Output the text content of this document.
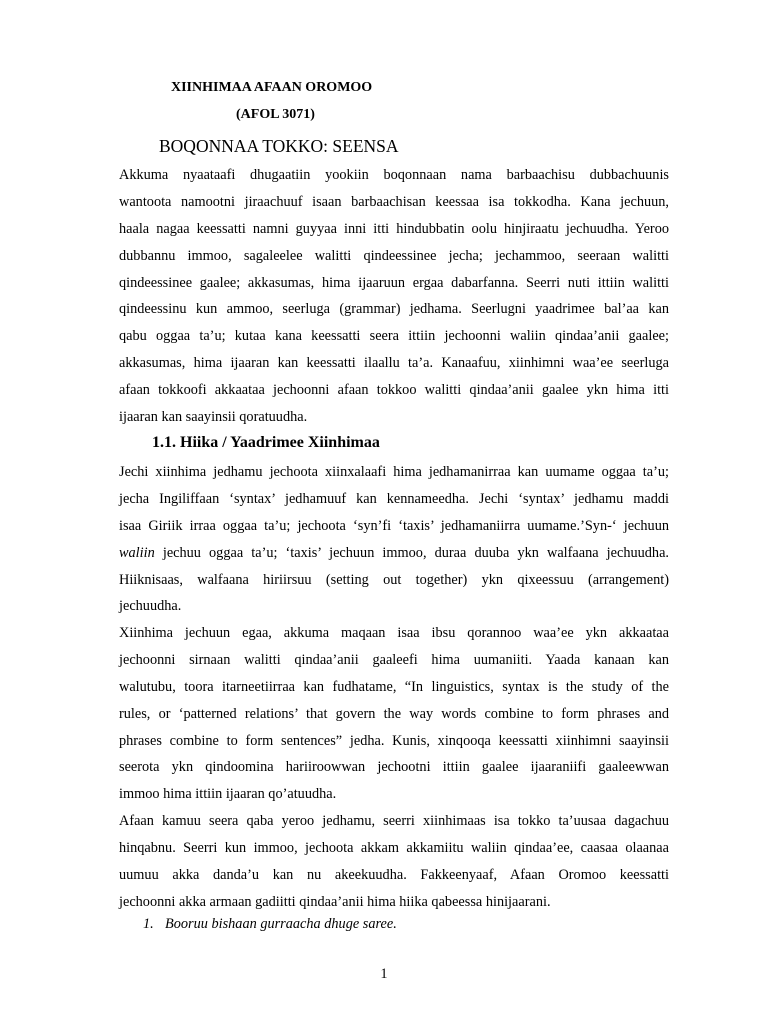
XIINHIMAA AFAAN OROMOO
(AFOL 3071)
BOQONNAA TOKKO: SEENSA
Akkuma nyaataafi dhugaatiin yookiin boqonnaan nama barbaachisu dubbachuunis
wantoota namootni jiraachuuf isaan barbaachisan keessaa isa tokkodha. Kana jechuun,
haala nagaa keessatti namni guyyaa inni itti hindubbatin oolu hinjiraatu jechuudha. Yeroo
dubbannu immoo, sagaleelee walitti qindeessinee jecha; jechammoo, seeraan walitti
qindeessinee gaalee; akkasumas, hima ijaaruun ergaa dabarfanna. Seerri nuti ittiin walitti
qindeessinu kun ammoo, seerluga (grammar) jedhama. Seerlugni yaadrimee bal’aa kan
qabu oggaa ta’u; kutaa kana keessatti seera ittiin jechoonni waliin qindaa’anii gaalee;
akkasumas, hima ijaaran kan keessatti ilaallu ta’a. Kanaafuu, xiinhimni waa’ee seerluga
afaan tokkoofi akkaataa jechoonni afaan tokkoo walitti qindaa’anii gaalee ykn hima itti
ijaaran kan saayinsii qoratuudha.
1.1. Hiika / Yaadrimee Xiinhimaa
Jechi xiinhima jedhamu jechoota xiinxalaafi hima jedhamanirraa kan uumame oggaa ta’u;
jecha Ingiliffaan ‘syntax’ jedhamuuf kan kennameedha. Jechi ‘syntax’ jedhamu maddi
isaa Giriik irraa oggaa ta’u; jechoota ‘syn’fi ‘taxis’ jedhamaniirra uumame.’Syn-‘ jechuun
waliin jechuu oggaa ta’u; ‘taxis’ jechuun immoo, duraa duuba ykn walfaana jechuudha.
Hiiknisaas, walfaana hiriirsuu (setting out together) ykn qixeessuu (arrangement)
jechuudha.
Xiinhima jechuun egaa, akkuma maqaan isaa ibsu qorannoo waa’ee ykn akkaataa
jechoonni sirnaan walitti qindaa’anii gaaleefi hima uumaniiti. Yaada kanaan kan
walutubu, toora itarneetiirraa kan fudhatame, “In linguistics, syntax is the study of the
rules, or ‘patterned relations’ that govern the way words combine to form phrases and
phrases combine to form sentences” jedha. Kunis, xinqooqa keessatti xiinhimni saayinsii
seerota ykn qindoomina hariiroowwan jechootni ittiin gaalee ijaaraniifi gaaleewwan
immoo hima ittiin ijaaran qo’atuudha.
Afaan kamuu seera qaba yeroo jedhamu, seerri xiinhimaas isa tokko ta’uusaa dagachuu
hinqabnu. Seerri kun immoo, jechoota akkam akkamiitu waliin qindaa’ee, caasaa olaanaa
uumuu akka danda’u kan nu akeekuudha. Fakkeenyaaf, Afaan Oromoo keessatti
jechoonni akka armaan gadiitti qindaa’anii hima hiika qabeessa hinijaarani.
1. Booruu bishaan gurraacha dhuge saree.
1
